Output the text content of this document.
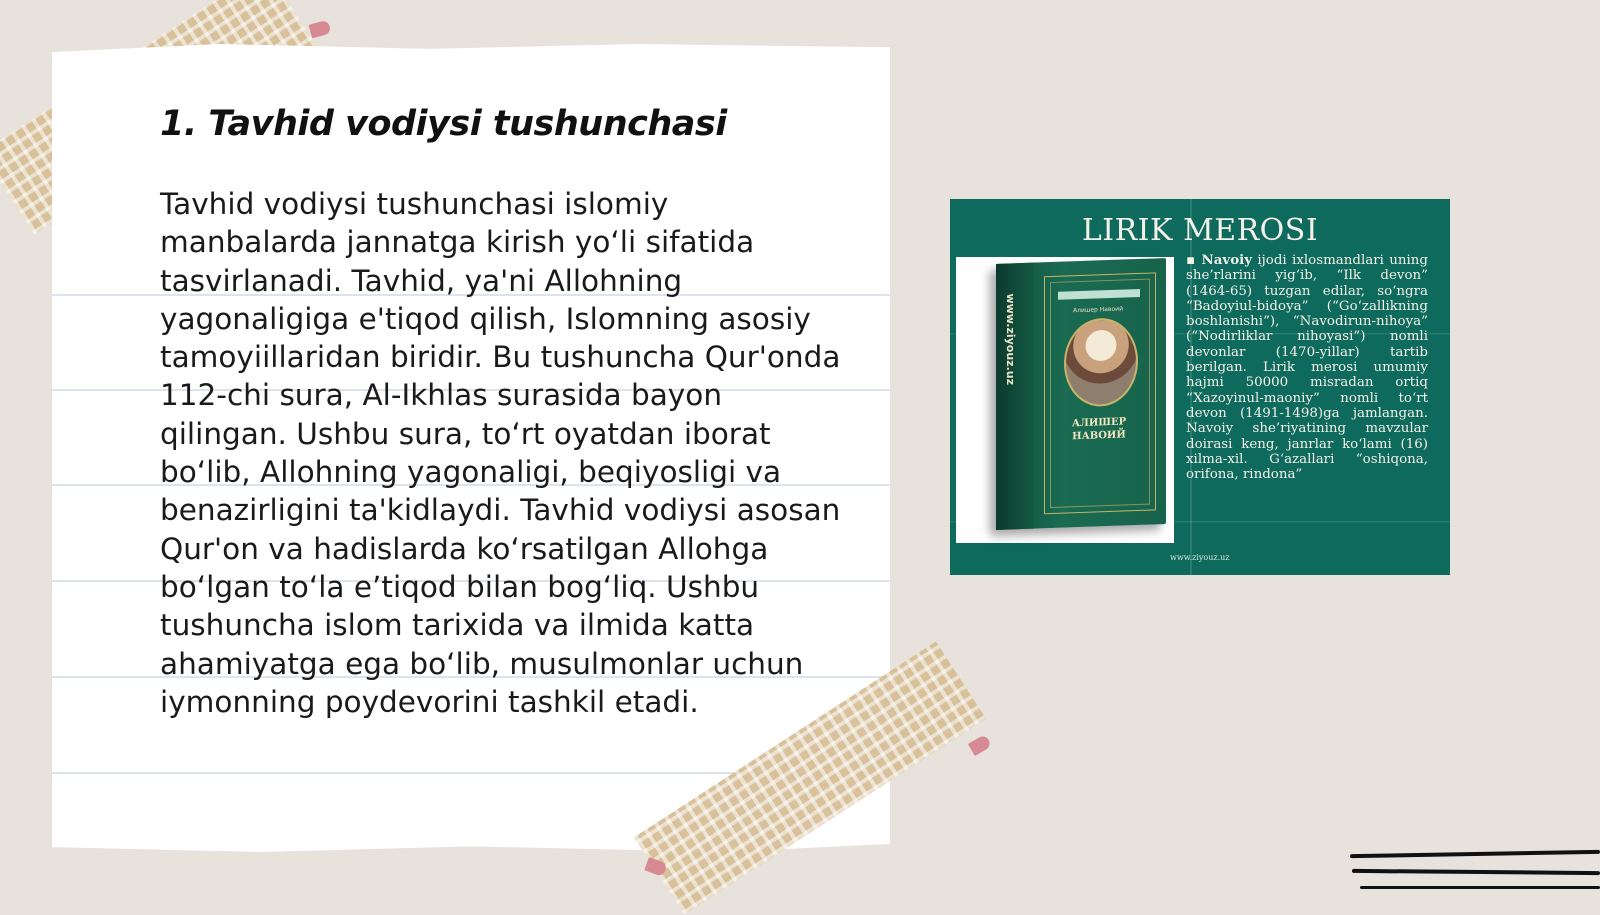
1. Tavhid vodiysi tushunchasi
Tavhid vodiysi tushunchasi islomiy manbalarda jannatga kirish yo‘li sifatida tasvirlanadi. Tavhid, ya'ni Allohning yagonaligiga e'tiqod qilish, Islomning asosiy tamoyiillaridan biridir. Bu tushuncha Qur'onda 112-chi sura, Al-Ikhlas surasida bayon qilingan. Ushbu sura, to‘rt oyatdan iborat bo‘lib, Allohning yagonaligi, beqiyosligi va benazirligini ta'kidlaydi. Tavhid vodiysi asosan Qur'on va hadislarda ko‘rsatilgan Allohga bo‘lgan to‘la e’tiqod bilan bog‘liq. Ushbu tushuncha islom tarixida va ilmida katta ahamiyatga ega bo‘lib, musulmonlar uchun iymonning poydevorini tashkil etadi.
LIRIK MEROSI
www.ziyouz.uz	Алишер Навоий
АЛИШЕР НАВОИЙ
▪ Navoiy ijodi ixlosmandlari uning she’rlarini yig‘ib, “Ilk devon” (1464-65) tuzgan edilar, so‘ngra “Badoyiul-bidoya” (“Go‘zallikning boshlanishi”), “Navodirun-nihoya” (“Nodirliklar nihoyasi”) nomli devonlar (1470-yillar) tartib berilgan. Lirik merosi umumiy hajmi 50000 misradan ortiq “Xazoyinul-maoniy” nomli to‘rt devon (1491-1498)ga jamlangan. Navoiy she’riyatining mavzular doirasi keng, janrlar ko‘lami (16) xilma-xil. G‘azallari “oshiqona, orifona, rindona”
www.ziyouz.uz
